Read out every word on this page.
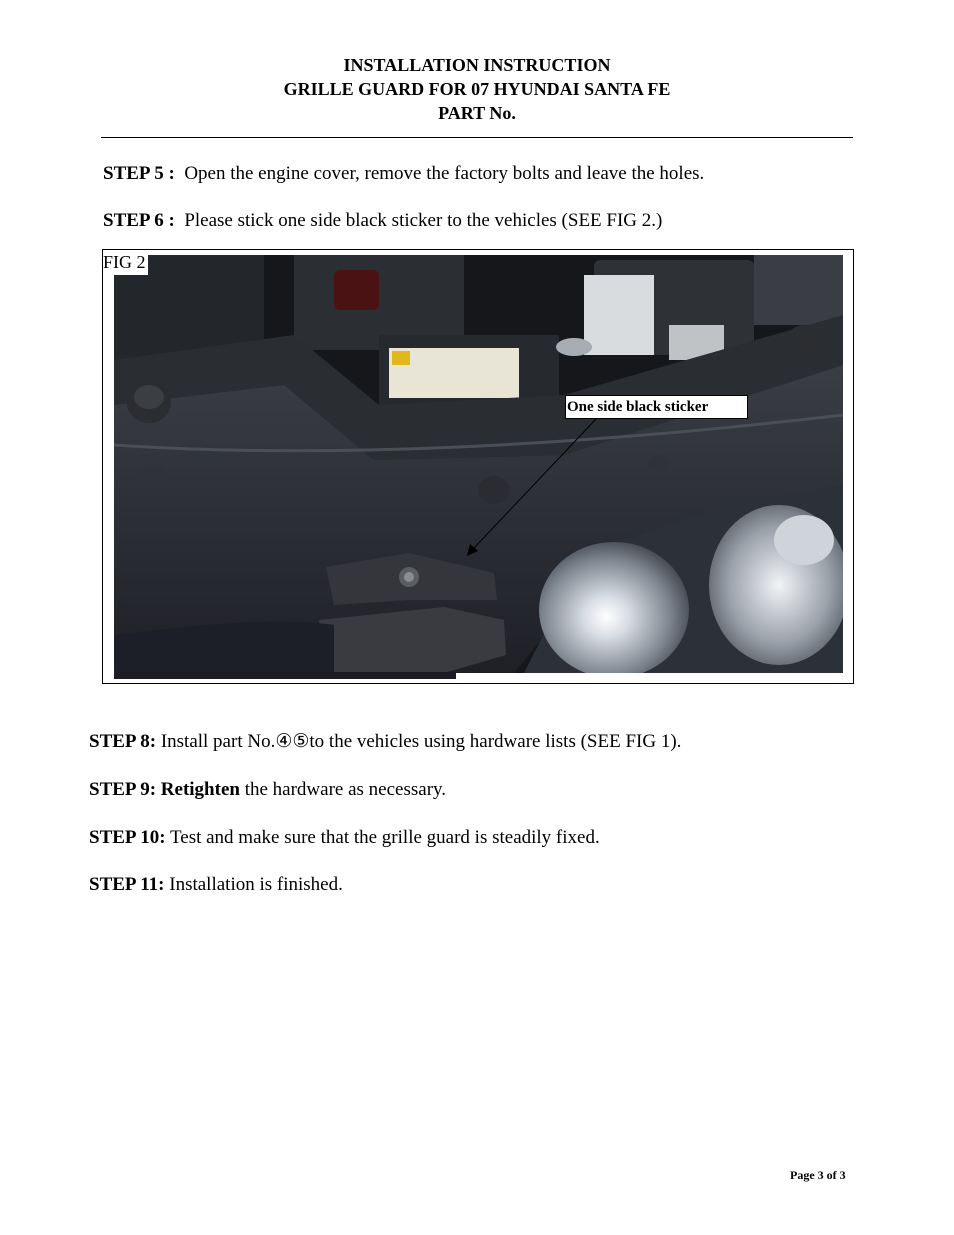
INSTALLATION INSTRUCTION
GRILLE GUARD FOR 07 HYUNDAI SANTA FE
PART No.
STEP 5 : Open the engine cover, remove the factory bolts and leave the holes.
STEP 6 : Please stick one side black sticker to the vehicles (SEE FIG 2.)
FIG 2
One side black sticker
STEP 8: Install part No.④⑤to the vehicles using hardware lists (SEE FIG 1).
STEP 9: Retighten the hardware as necessary.
STEP 10: Test and make sure that the grille guard is steadily fixed.
STEP 11: Installation is finished.
Page 3 of 3
